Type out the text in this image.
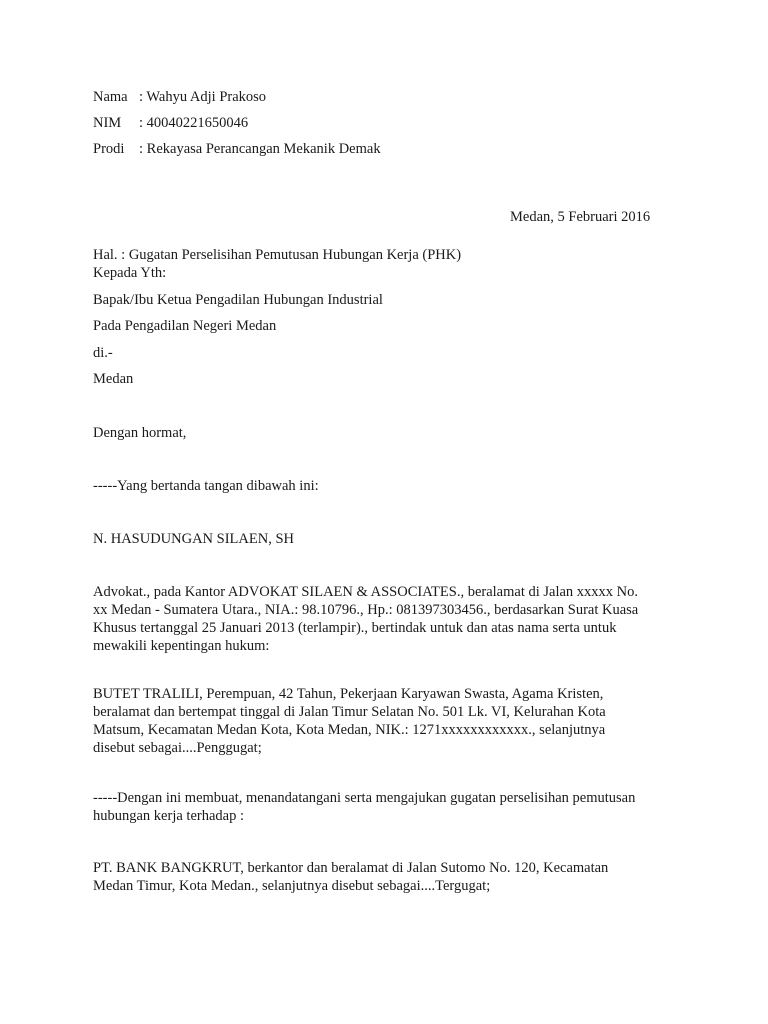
Nama : Wahyu Adji Prakoso

NIM : 40040221650046

Prodi : Rekayasa Perancangan Mekanik Demak

Medan, 5 Februari 2016

Hal. : Gugatan Perselisihan Pemutusan Hubungan Kerja (PHK)

Kepada Yth:

Bapak/Ibu Ketua Pengadilan Hubungan Industrial

Pada Pengadilan Negeri Medan

di.-

Medan

Dengan hormat,

-----Yang bertanda tangan dibawah ini:

N. HASUDUNGAN SILAEN, SH

Advokat., pada Kantor ADVOKAT SILAEN & ASSOCIATES., beralamat di Jalan xxxxx No.
xx Medan - Sumatera Utara., NIA.: 98.10796., Hp.: 081397303456., berdasarkan Surat Kuasa
Khusus tertanggal 25 Januari 2013 (terlampir)., bertindak untuk dan atas nama serta untuk
mewakili kepentingan hukum:
BUTET TRALILI, Perempuan, 42 Tahun, Pekerjaan Karyawan Swasta, Agama Kristen,
beralamat dan bertempat tinggal di Jalan Timur Selatan No. 501 Lk. VI, Kelurahan Kota
Matsum, Kecamatan Medan Kota, Kota Medan, NIK.: 1271xxxxxxxxxxxx., selanjutnya
disebut sebagai....Penggugat;
-----Dengan ini membuat, menandatangani serta mengajukan gugatan perselisihan pemutusan
hubungan kerja terhadap :
PT. BANK BANGKRUT, berkantor dan beralamat di Jalan Sutomo No. 120, Kecamatan
Medan Timur, Kota Medan., selanjutnya disebut sebagai....Tergugat;
